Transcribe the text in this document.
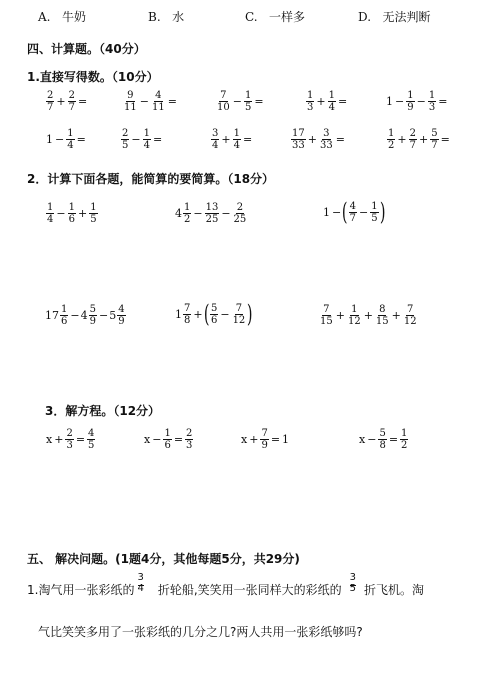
A. 牛奶	B. 水	C. 一样多	D. 无法判断
四、计算题。（40分）
1.直接写得数。（10分）
$\frac{2}{7} + \frac{2}{7}$ =	$\frac{9}{11} - \frac{4}{11}$ =	$\frac{7}{10} - \frac{1}{5}$ =	$\frac{1}{3} + \frac{1}{4}$ =	$1 - \frac{1}{9} - \frac{1}{3}$ =
$1 - \frac{1}{4}$ =	$\frac{2}{5} - \frac{1}{4}$ =	$\frac{3}{4} + \frac{1}{4}$ =	$\frac{17}{33} + \frac{3}{33}$ =	$\frac{1}{2} + \frac{2}{7} + \frac{5}{7}$ =
2．计算下面各题，能简算的要简算。（18分）
$\frac{1}{4} - \frac{1}{6} + \frac{1}{5}$	$4 \frac{1}{2} - \frac{13}{25} - \frac{2}{25}$	1 − ( $\frac{4}{7} - \frac{1}{5}$ )
$17 \frac{1}{6} - 4 \frac{5}{9} - 5 \frac{4}{9}$	$1 \frac{7}{8}$ + ( $\frac{5}{6} - \frac{7}{12}$ )	$\frac{7}{15} + \frac{1}{12} + \frac{8}{15} + \frac{7}{12}$
3．解方程。（12分）
$x + \frac{2}{3} = \frac{4}{5}$	$x - \frac{1}{6} = \frac{2}{3}$	$x + \frac{7}{9} = 1$	$x - \frac{5}{8} = \frac{1}{2}$
五、 解决问题。(1题4分，其他每题5分，共29分)
1.淘气用一张彩纸的
3
4 折轮船,笑笑用一张同样大的彩纸的
3
5 折飞机。淘
气比笑笑多用了一张彩纸的几分之几?两人共用一张彩纸够吗?
